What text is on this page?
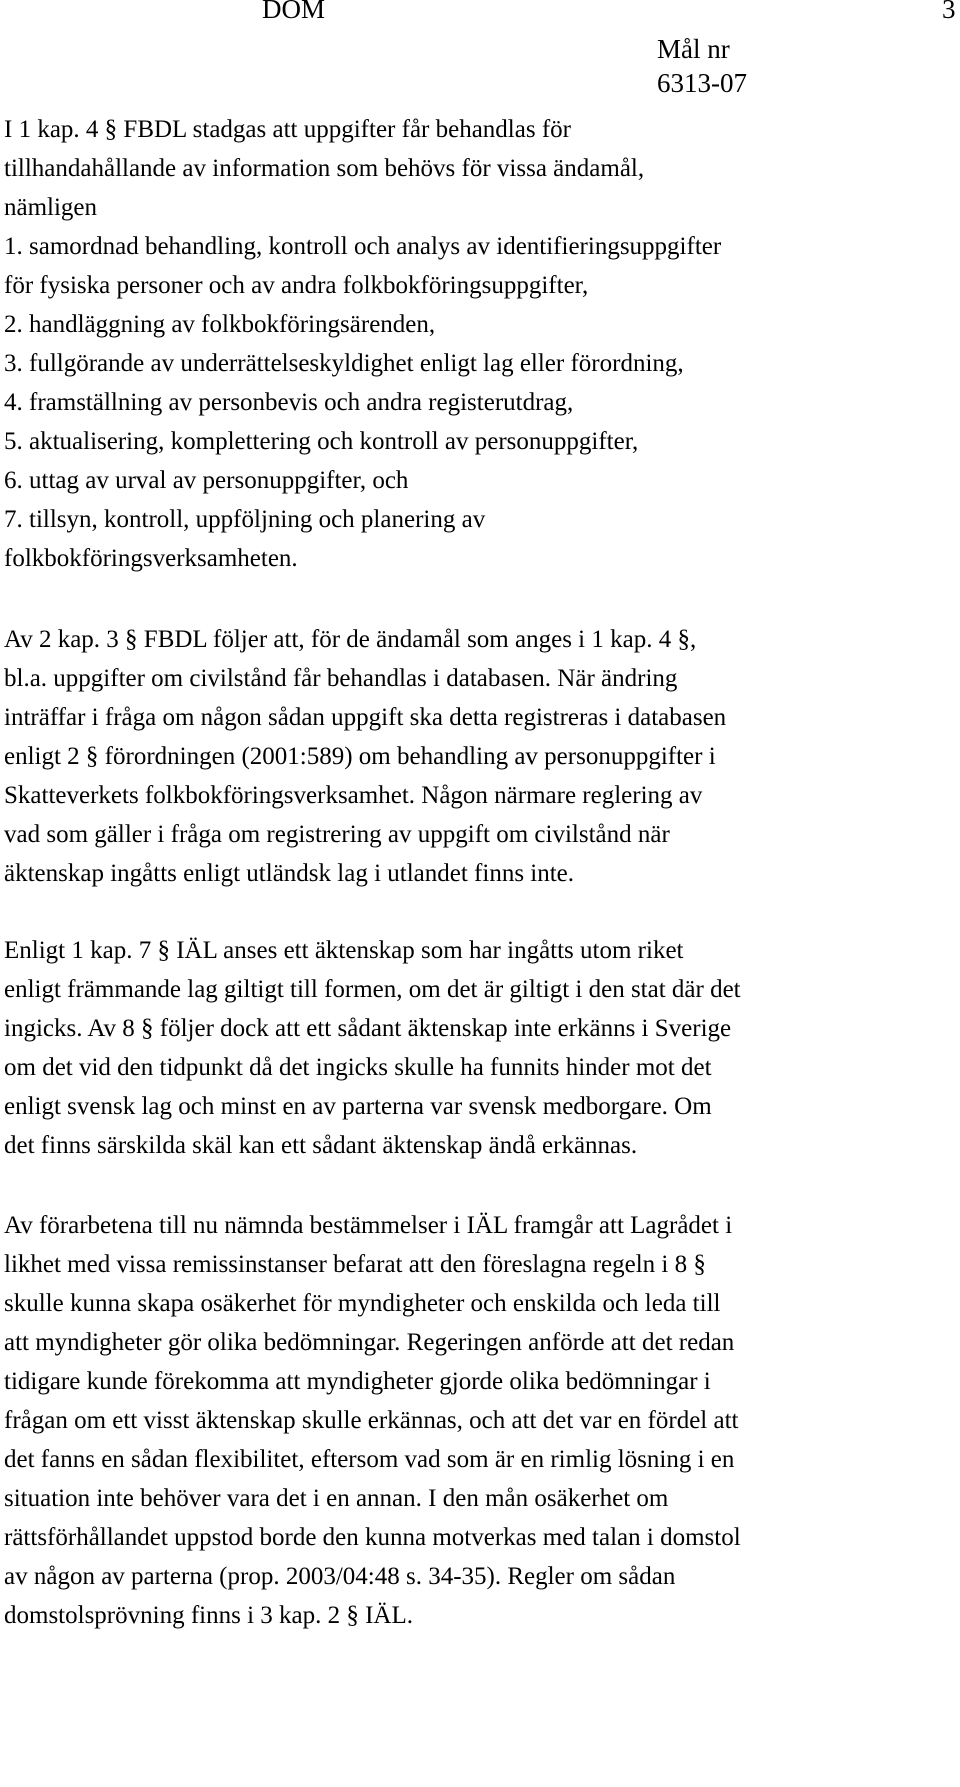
DOM	3
Mål nr
6313-07
I 1 kap. 4 § FBDL stadgas att uppgifter får behandlas för
tillhandahållande av information som behövs för vissa ändamål,
nämligen
1. samordnad behandling, kontroll och analys av identifieringsuppgifter
för fysiska personer och av andra folkbokföringsuppgifter,
2. handläggning av folkbokföringsärenden,
3. fullgörande av underrättelseskyldighet enligt lag eller förordning,
4. framställning av personbevis och andra registerutdrag,
5. aktualisering, komplettering och kontroll av personuppgifter,
6. uttag av urval av personuppgifter, och
7. tillsyn, kontroll, uppföljning och planering av
folkbokföringsverksamheten.
Av 2 kap. 3 § FBDL följer att, för de ändamål som anges i 1 kap. 4 §,
bl.a. uppgifter om civilstånd får behandlas i databasen. När ändring
inträffar i fråga om någon sådan uppgift ska detta registreras i databasen
enligt 2 § förordningen (2001:589) om behandling av personuppgifter i
Skatteverkets folkbokföringsverksamhet. Någon närmare reglering av
vad som gäller i fråga om registrering av uppgift om civilstånd när
äktenskap ingåtts enligt utländsk lag i utlandet finns inte.
Enligt 1 kap. 7 § IÄL anses ett äktenskap som har ingåtts utom riket
enligt främmande lag giltigt till formen, om det är giltigt i den stat där det
ingicks. Av 8 § följer dock att ett sådant äktenskap inte erkänns i Sverige
om det vid den tidpunkt då det ingicks skulle ha funnits hinder mot det
enligt svensk lag och minst en av parterna var svensk medborgare. Om
det finns särskilda skäl kan ett sådant äktenskap ändå erkännas.
Av förarbetena till nu nämnda bestämmelser i IÄL framgår att Lagrådet i
likhet med vissa remissinstanser befarat att den föreslagna regeln i 8 §
skulle kunna skapa osäkerhet för myndigheter och enskilda och leda till
att myndigheter gör olika bedömningar. Regeringen anförde att det redan
tidigare kunde förekomma att myndigheter gjorde olika bedömningar i
frågan om ett visst äktenskap skulle erkännas, och att det var en fördel att
det fanns en sådan flexibilitet, eftersom vad som är en rimlig lösning i en
situation inte behöver vara det i en annan. I den mån osäkerhet om
rättsförhållandet uppstod borde den kunna motverkas med talan i domstol
av någon av parterna (prop. 2003/04:48 s. 34-35). Regler om sådan
domstolsprövning finns i 3 kap. 2 § IÄL.
